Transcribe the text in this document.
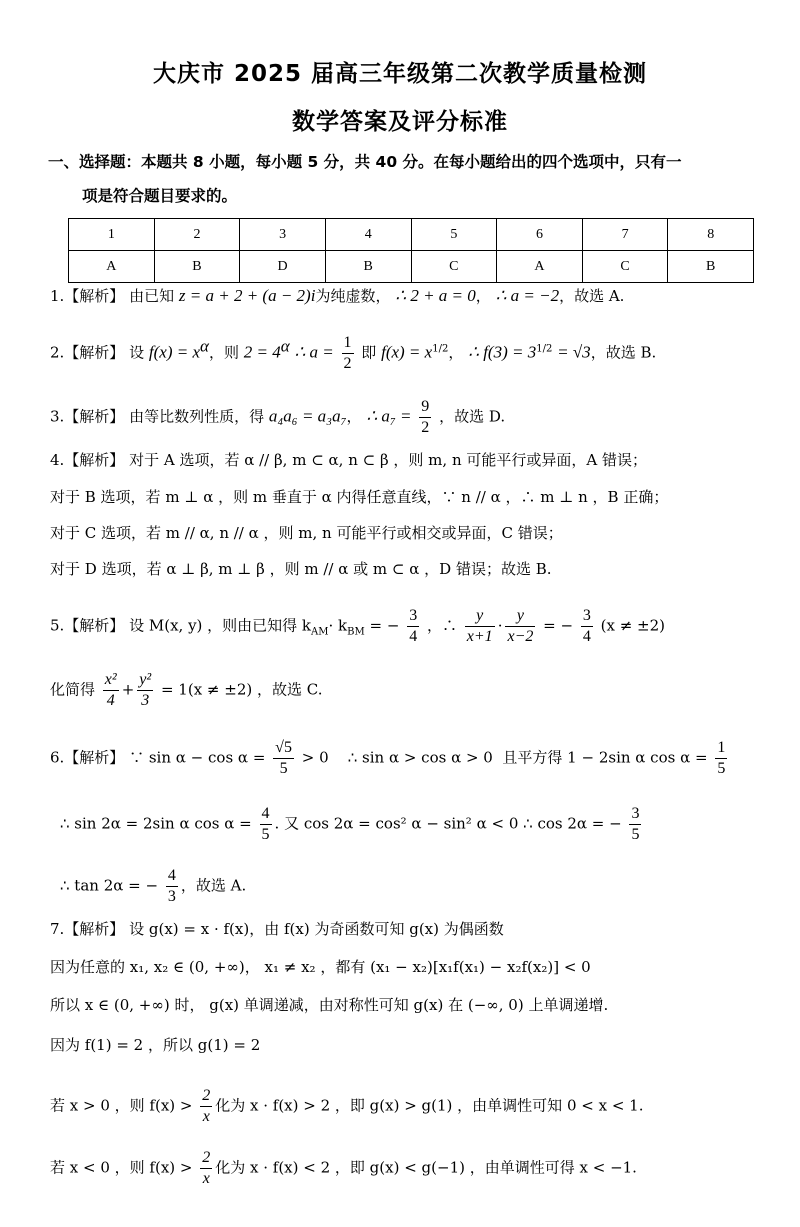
大庆市 2025 届高三年级第二次教学质量检测
数学答案及评分标准
一、选择题：本题共 8 小题，每小题 5 分，共 40 分。在每小题给出的四个选项中，只有一
项是符合题目要求的。
1	2	3	4	5	6	7	8
A	B	D	B	C	A	C	B
1.【解析】 由已知 z = a + 2 + (a − 2)i为纯虚数， ∴ 2 + a = 0， ∴ a = −2，故选 A.
2.【解析】 设 $f(x) = x^\alpha$，则 $2 = 4^\alpha$ ∴ $a = \frac{1}{2}$ 即 $f(x) = x^{1/2}$， ∴ $f(3) = 3^{1/2} = √3$，故选 B.
3.【解析】 由等比数列性质，得 a₄a₆ = a₃a₇， ∴ $a_7 = \frac{9}{2}$ ，故选 D.
4.【解析】 对于 A 选项，若 α // β, m ⊂ α, n ⊂ β ，则 m, n 可能平行或异面，A 错误；
对于 B 选项，若 m ⊥ α ，则 m 垂直于 α 内得任意直线，∵ n // α ，∴ m ⊥ n ，B 正确；
对于 C 选项，若 m // α, n // α ，则 m, n 可能平行或相交或异面，C 错误；
对于 D 选项，若 α ⊥ β, m ⊥ β ，则 m // α 或 m ⊂ α ，D 错误；故选 B.
5.【解析】 设 M(x, y) ，则由已知得 $k_{AM}\cdot k_{BM}$ = − $\frac{3}{4}$ ，∴ $\frac{y}{x+1} \cdot \frac{y}{x-2}$ = − $\frac{3}{4} (x \ne \pm 2)$
化简得 $\frac{\text{x²}}{4} + \frac{\text{y²}}{3} = 1(x \ne \pm 2)$ ，故选 C.
6.【解析】 ∵ $\sin \alpha - \cos \alpha = \frac{√5}{5} > 0$ ∴ sin α > cos α > 0 且平方得 1 − 2sin α $\cos \alpha = \frac{1}{5}$
∴ sin 2α = 2sin α $\cos \alpha = \frac{4}{5}$ . 又 cos 2α = cos² α − sin² α < 0 ∴ cos 2α = − $\frac{3}{5}$
∴ tan 2α = − $\frac{4}{3}$ ，故选 A.
7.【解析】 设 g(x) = x · f(x)，由 f(x) 为奇函数可知 g(x) 为偶函数
因为任意的 x₁, x₂ ∈ (0, +∞)， x₁ ≠ x₂ ，都有 (x₁ − x₂)[x₁f(x₁) − x₂f(x₂)] < 0
所以 x ∈ (0, +∞) 时， g(x) 单调递减，由对称性可知 g(x) 在 (−∞, 0) 上单调递增.
因为 f(1) = 2 ，所以 g(1) = 2
若 x > 0 ，则 $f(x) > \frac{2}{x}$ 化为 x · f(x) > 2 ，即 g(x) > g(1) ，由单调性可知 0 < x < 1.
若 x < 0 ，则 $f(x) > \frac{2}{x}$ 化为 x · f(x) < 2 ，即 g(x) < g(−1) ，由单调性可得 x < −1.
